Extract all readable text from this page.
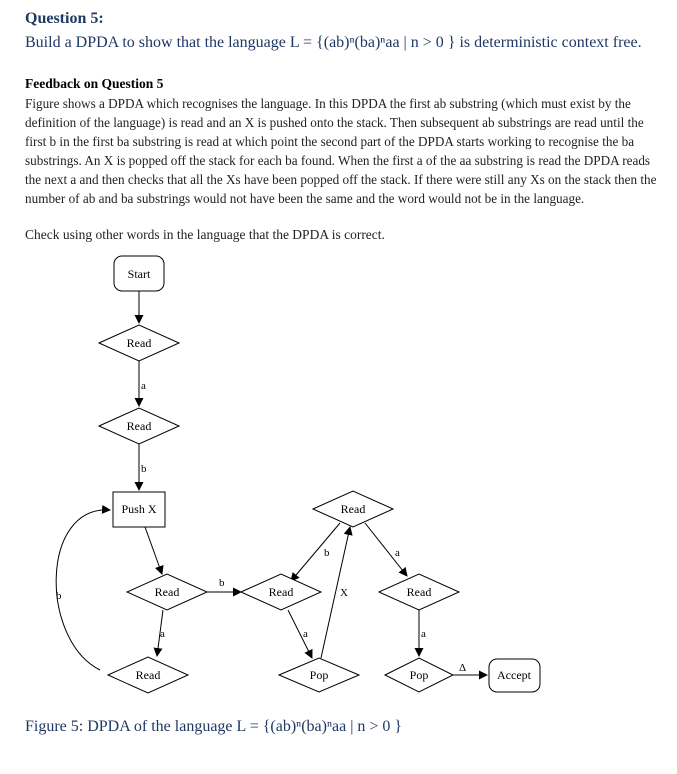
Question 5:
Build a DPDA to show that the language L = {(ab)ⁿ(ba)ⁿaa | n > 0 } is deterministic context free.
Feedback on Question 5
Figure shows a DPDA which recognises the language. In this DPDA the first ab substring (which must exist by the definition of the language) is read and an X is pushed onto the stack. Then subsequent ab substrings are read until the first b in the first ba substring is read at which point the second part of the DPDA starts working to recognise the ba substrings. An X is popped off the stack for each ba found. When the first a of the aa substring is read the DPDA reads the next a and then checks that all the Xs have been popped off the stack. If there were still any Xs on the stack then the number of ab and ba substrings would not have been the same and the word would not be in the language.
Check using other words in the language that the DPDA is correct.
a
b
b
a
b
b	a
a
X
a
Δ
Start
Read
Read
Push X
Read
Read
Read
Read
Read
Pop	Pop	Accept
Figure 5: DPDA of the language L = {(ab)ⁿ(ba)ⁿaa | n > 0 }
